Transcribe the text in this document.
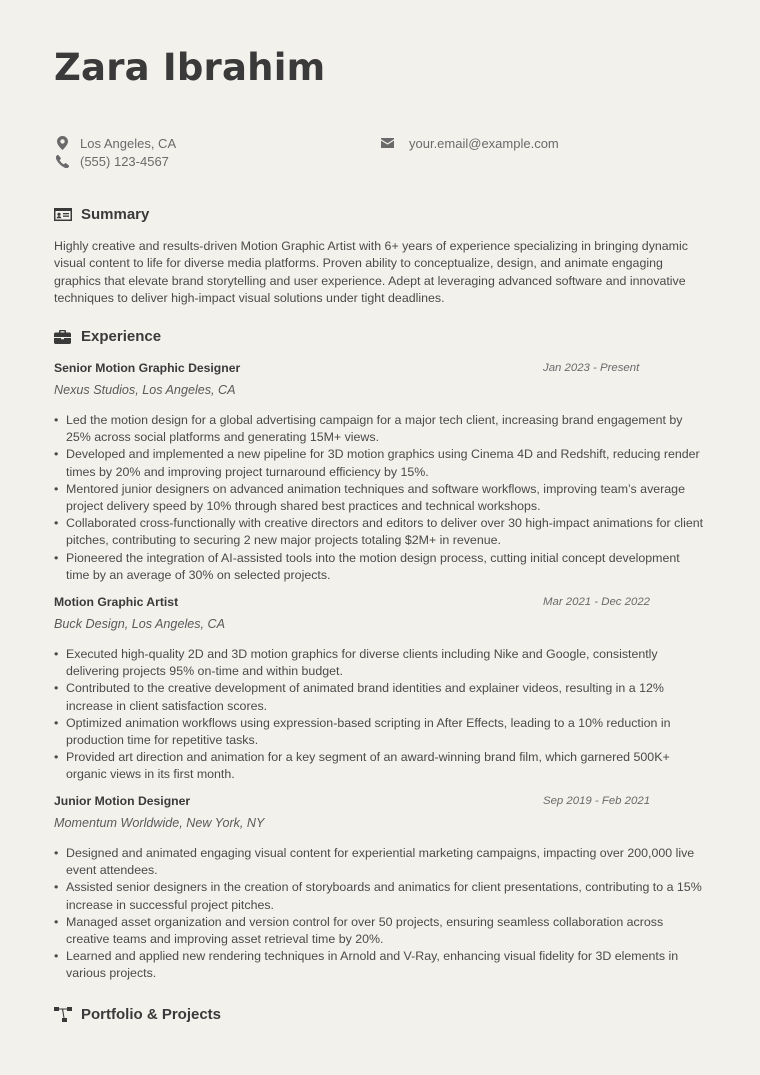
Zara Ibrahim
Los Angeles, CA
(555) 123-4567
your.email@example.com
Summary
Highly creative and results-driven Motion Graphic Artist with 6+ years of experience specializing in bringing dynamic visual content to life for diverse media platforms. Proven ability to conceptualize, design, and animate engaging graphics that elevate brand storytelling and user experience. Adept at leveraging advanced software and innovative techniques to deliver high-impact visual solutions under tight deadlines.
Experience
Senior Motion Graphic Designer	Jan 2023 - Present
Nexus Studios, Los Angeles, CA
• Led the motion design for a global advertising campaign for a major tech client, increasing brand engagement by 25% across social platforms and generating 15M+ views.
• Developed and implemented a new pipeline for 3D motion graphics using Cinema 4D and Redshift, reducing render times by 20% and improving project turnaround efficiency by 15%.
• Mentored junior designers on advanced animation techniques and software workflows, improving team’s average project delivery speed by 10% through shared best practices and technical workshops.
• Collaborated cross-functionally with creative directors and editors to deliver over 30 high-impact animations for client pitches, contributing to securing 2 new major projects totaling $2M+ in revenue.
• Pioneered the integration of AI-assisted tools into the motion design process, cutting initial concept development time by an average of 30% on selected projects.
Motion Graphic Artist	Mar 2021 - Dec 2022
Buck Design, Los Angeles, CA
• Executed high-quality 2D and 3D motion graphics for diverse clients including Nike and Google, consistently delivering projects 95% on-time and within budget.
• Contributed to the creative development of animated brand identities and explainer videos, resulting in a 12% increase in client satisfaction scores.
• Optimized animation workflows using expression-based scripting in After Effects, leading to a 10% reduction in production time for repetitive tasks.
• Provided art direction and animation for a key segment of an award-winning brand film, which garnered 500K+ organic views in its first month.
Junior Motion Designer	Sep 2019 - Feb 2021
Momentum Worldwide, New York, NY
• Designed and animated engaging visual content for experiential marketing campaigns, impacting over 200,000 live event attendees.
• Assisted senior designers in the creation of storyboards and animatics for client presentations, contributing to a 15% increase in successful project pitches.
• Managed asset organization and version control for over 50 projects, ensuring seamless collaboration across creative teams and improving asset retrieval time by 20%.
• Learned and applied new rendering techniques in Arnold and V-Ray, enhancing visual fidelity for 3D elements in various projects.
Portfolio & Projects
